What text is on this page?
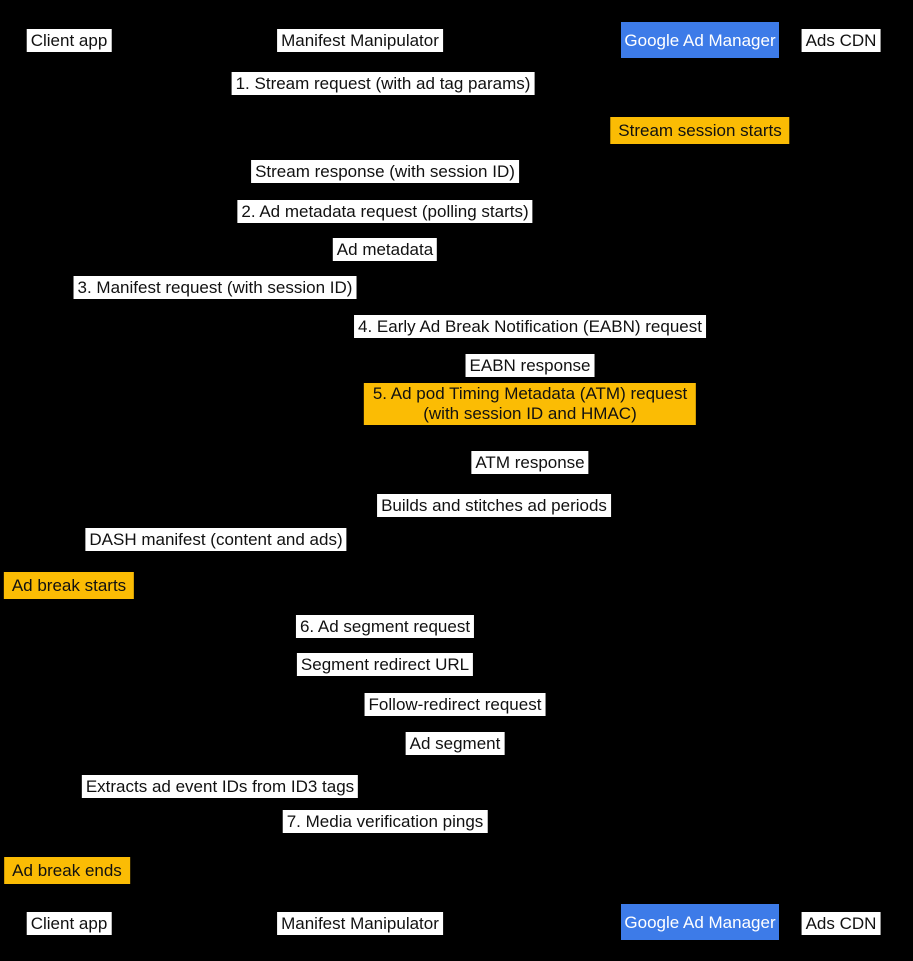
Client app	Manifest Manipulator	Google Ad Manager Ads CDN
Client app	Manifest Manipulator	Google Ad Manager Ads CDN
1. Stream request (with ad tag params)
Stream session starts
Stream response (with session ID)
2. Ad metadata request (polling starts)
Ad metadata
3. Manifest request (with session ID)
4. Early Ad Break Notification (EABN) request
EABN response
5. Ad pod Timing Metadata (ATM) request
(with session ID and HMAC)
ATM response
Builds and stitches ad periods
DASH manifest (content and ads)
Ad break starts
6. Ad segment request
Segment redirect URL
Follow-redirect request
Ad segment
Extracts ad event IDs from ID3 tags
7. Media verification pings
Ad break ends
